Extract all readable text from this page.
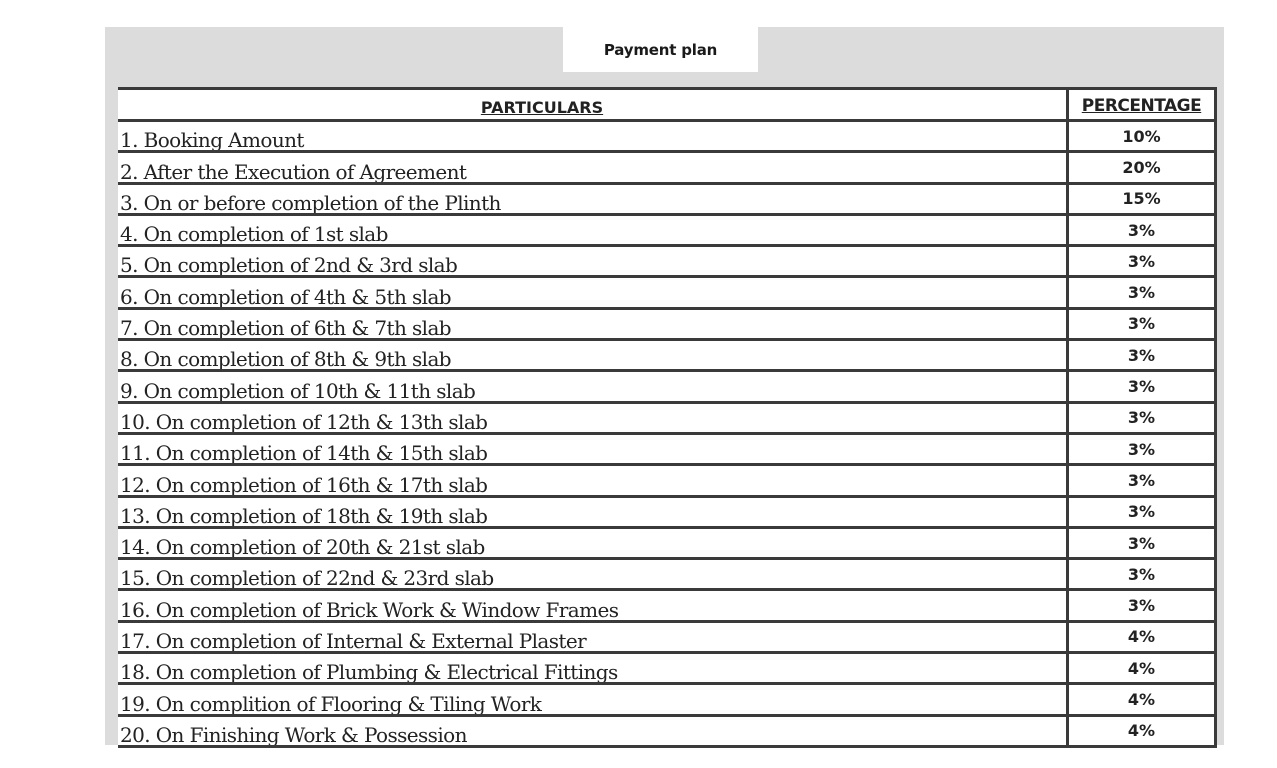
Payment plan
PARTICULARS	PERCENTAGE
1. Booking Amount	10%
2. After the Execution of Agreement	20%
3. On or before completion of the Plinth	15%
4. On completion of 1st slab	3%
5. On completion of 2nd & 3rd slab	3%
6. On completion of 4th & 5th slab	3%
7. On completion of 6th & 7th slab	3%
8. On completion of 8th & 9th slab	3%
9. On completion of 10th & 11th slab	3%
10. On completion of 12th & 13th slab	3%
11. On completion of 14th & 15th slab	3%
12. On completion of 16th & 17th slab	3%
13. On completion of 18th & 19th slab	3%
14. On completion of 20th & 21st slab	3%
15. On completion of 22nd & 23rd slab	3%
16. On completion of Brick Work & Window Frames	3%
17. On completion of Internal & External Plaster	4%
18. On completion of Plumbing & Electrical Fittings	4%
19. On complition of Flooring & Tiling Work	4%
20. On Finishing Work & Possession	4%
